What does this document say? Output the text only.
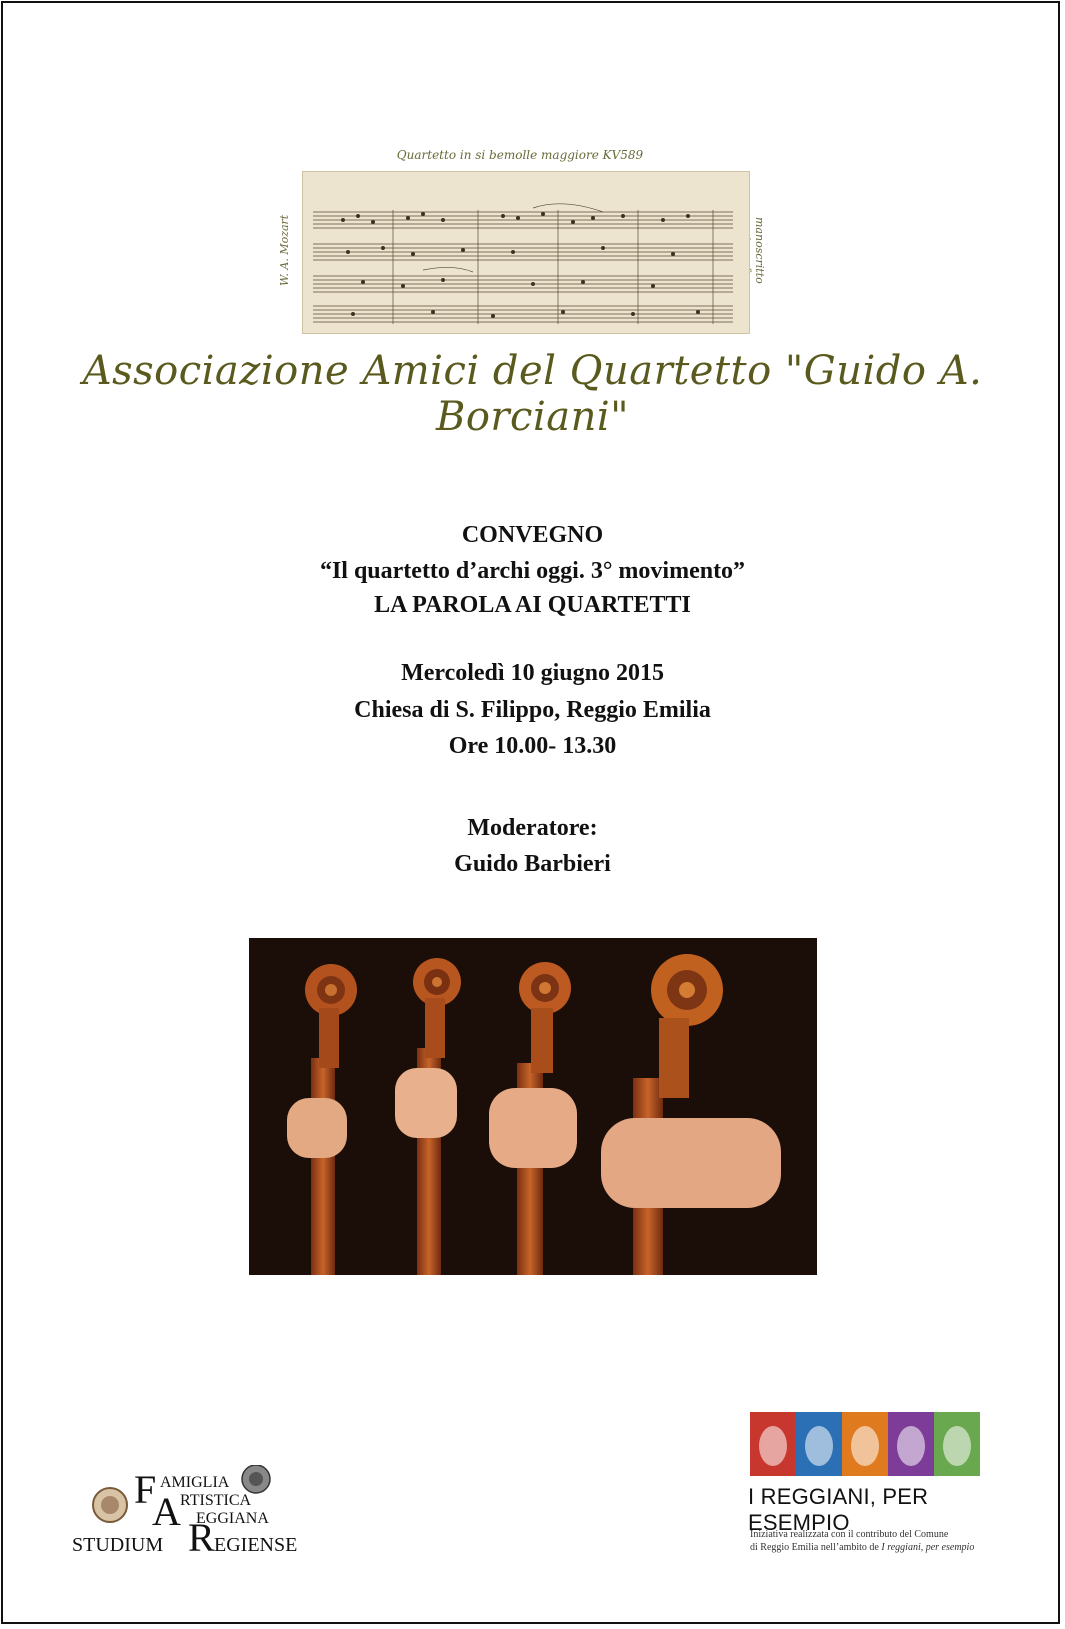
Quartetto in si bemolle maggiore KV589
W. A. Mozart	manoscritto
Associazione Amici del Quartetto "Guido A. Borciani"
CONVEGNO
“Il quartetto d’archi oggi. 3° movimento”
LA PAROLA AI QUARTETTI
Mercoledì 10 giugno 2015
Chiesa di S. Filippo, Reggio Emilia
Ore 10.00- 13.30
Moderatore:
Guido Barbieri
F AMIGLIA
A RTISTICA
R
EGGIANA
STUDIUM	EGIENSE
I REGGIANI, PER ESEMPIO
Iniziativa realizzata con il contributo del Comune
di Reggio Emilia nell’ambito de I reggiani, per esempio
